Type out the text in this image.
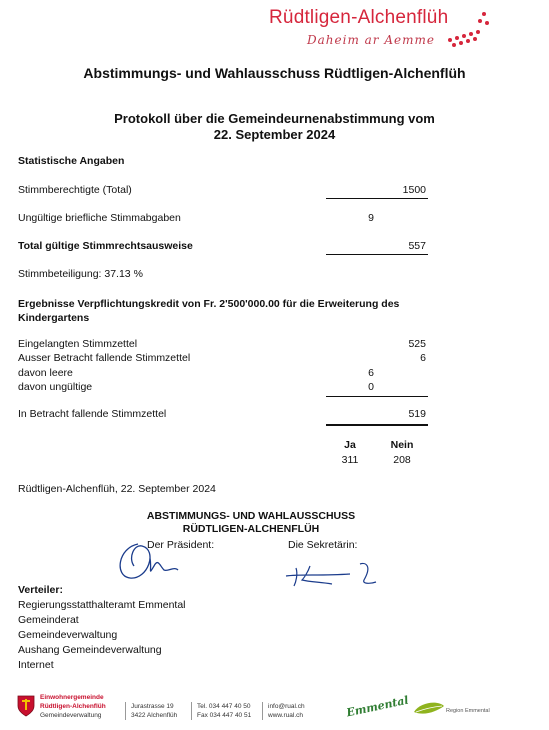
Rüdtligen-Alchenflüh
Daheim ar Aemme
Abstimmungs- und Wahlausschuss Rüdtligen-Alchenflüh
Protokoll über die Gemeindeurnenabstimmung vom
22. September 2024
Statistische Angaben
Stimmberechtigte (Total)	1500
Ungültige briefliche Stimmabgaben	9
Total gültige Stimmrechtsausweise	557
Stimmbeteiligung: 37.13 %
Ergebnisse Verpflichtungskredit von Fr. 2'500'000.00 für die Erweiterung des
Kindergartens
Eingelangten Stimmzettel	525
Ausser Betracht fallende Stimmzettel	6
davon leere	6
davon ungültige	0
In Betracht fallende Stimmzettel	519
Ja	Nein
311	208
Rüdtligen-Alchenflüh, 22. September 2024
ABSTIMMUNGS- UND WAHLAUSSCHUSS
RÜDTLIGEN-ALCHENFLÜH
Der Präsident:	Die Sekretärin:
Verteiler:
Regierungsstatthalteramt Emmental
Gemeinderat
Gemeindeverwaltung
Aushang Gemeindeverwaltung
Internet
Einwohnergemeinde
Rüdtligen-Alchenflüh
Gemeindeverwaltung
Jurastrasse 19
3422 Alchenflüh
Tel. 034 447 40 50
Fax 034 447 40 51
info@rual.ch
www.rual.ch	Emmental	Region Emmental
